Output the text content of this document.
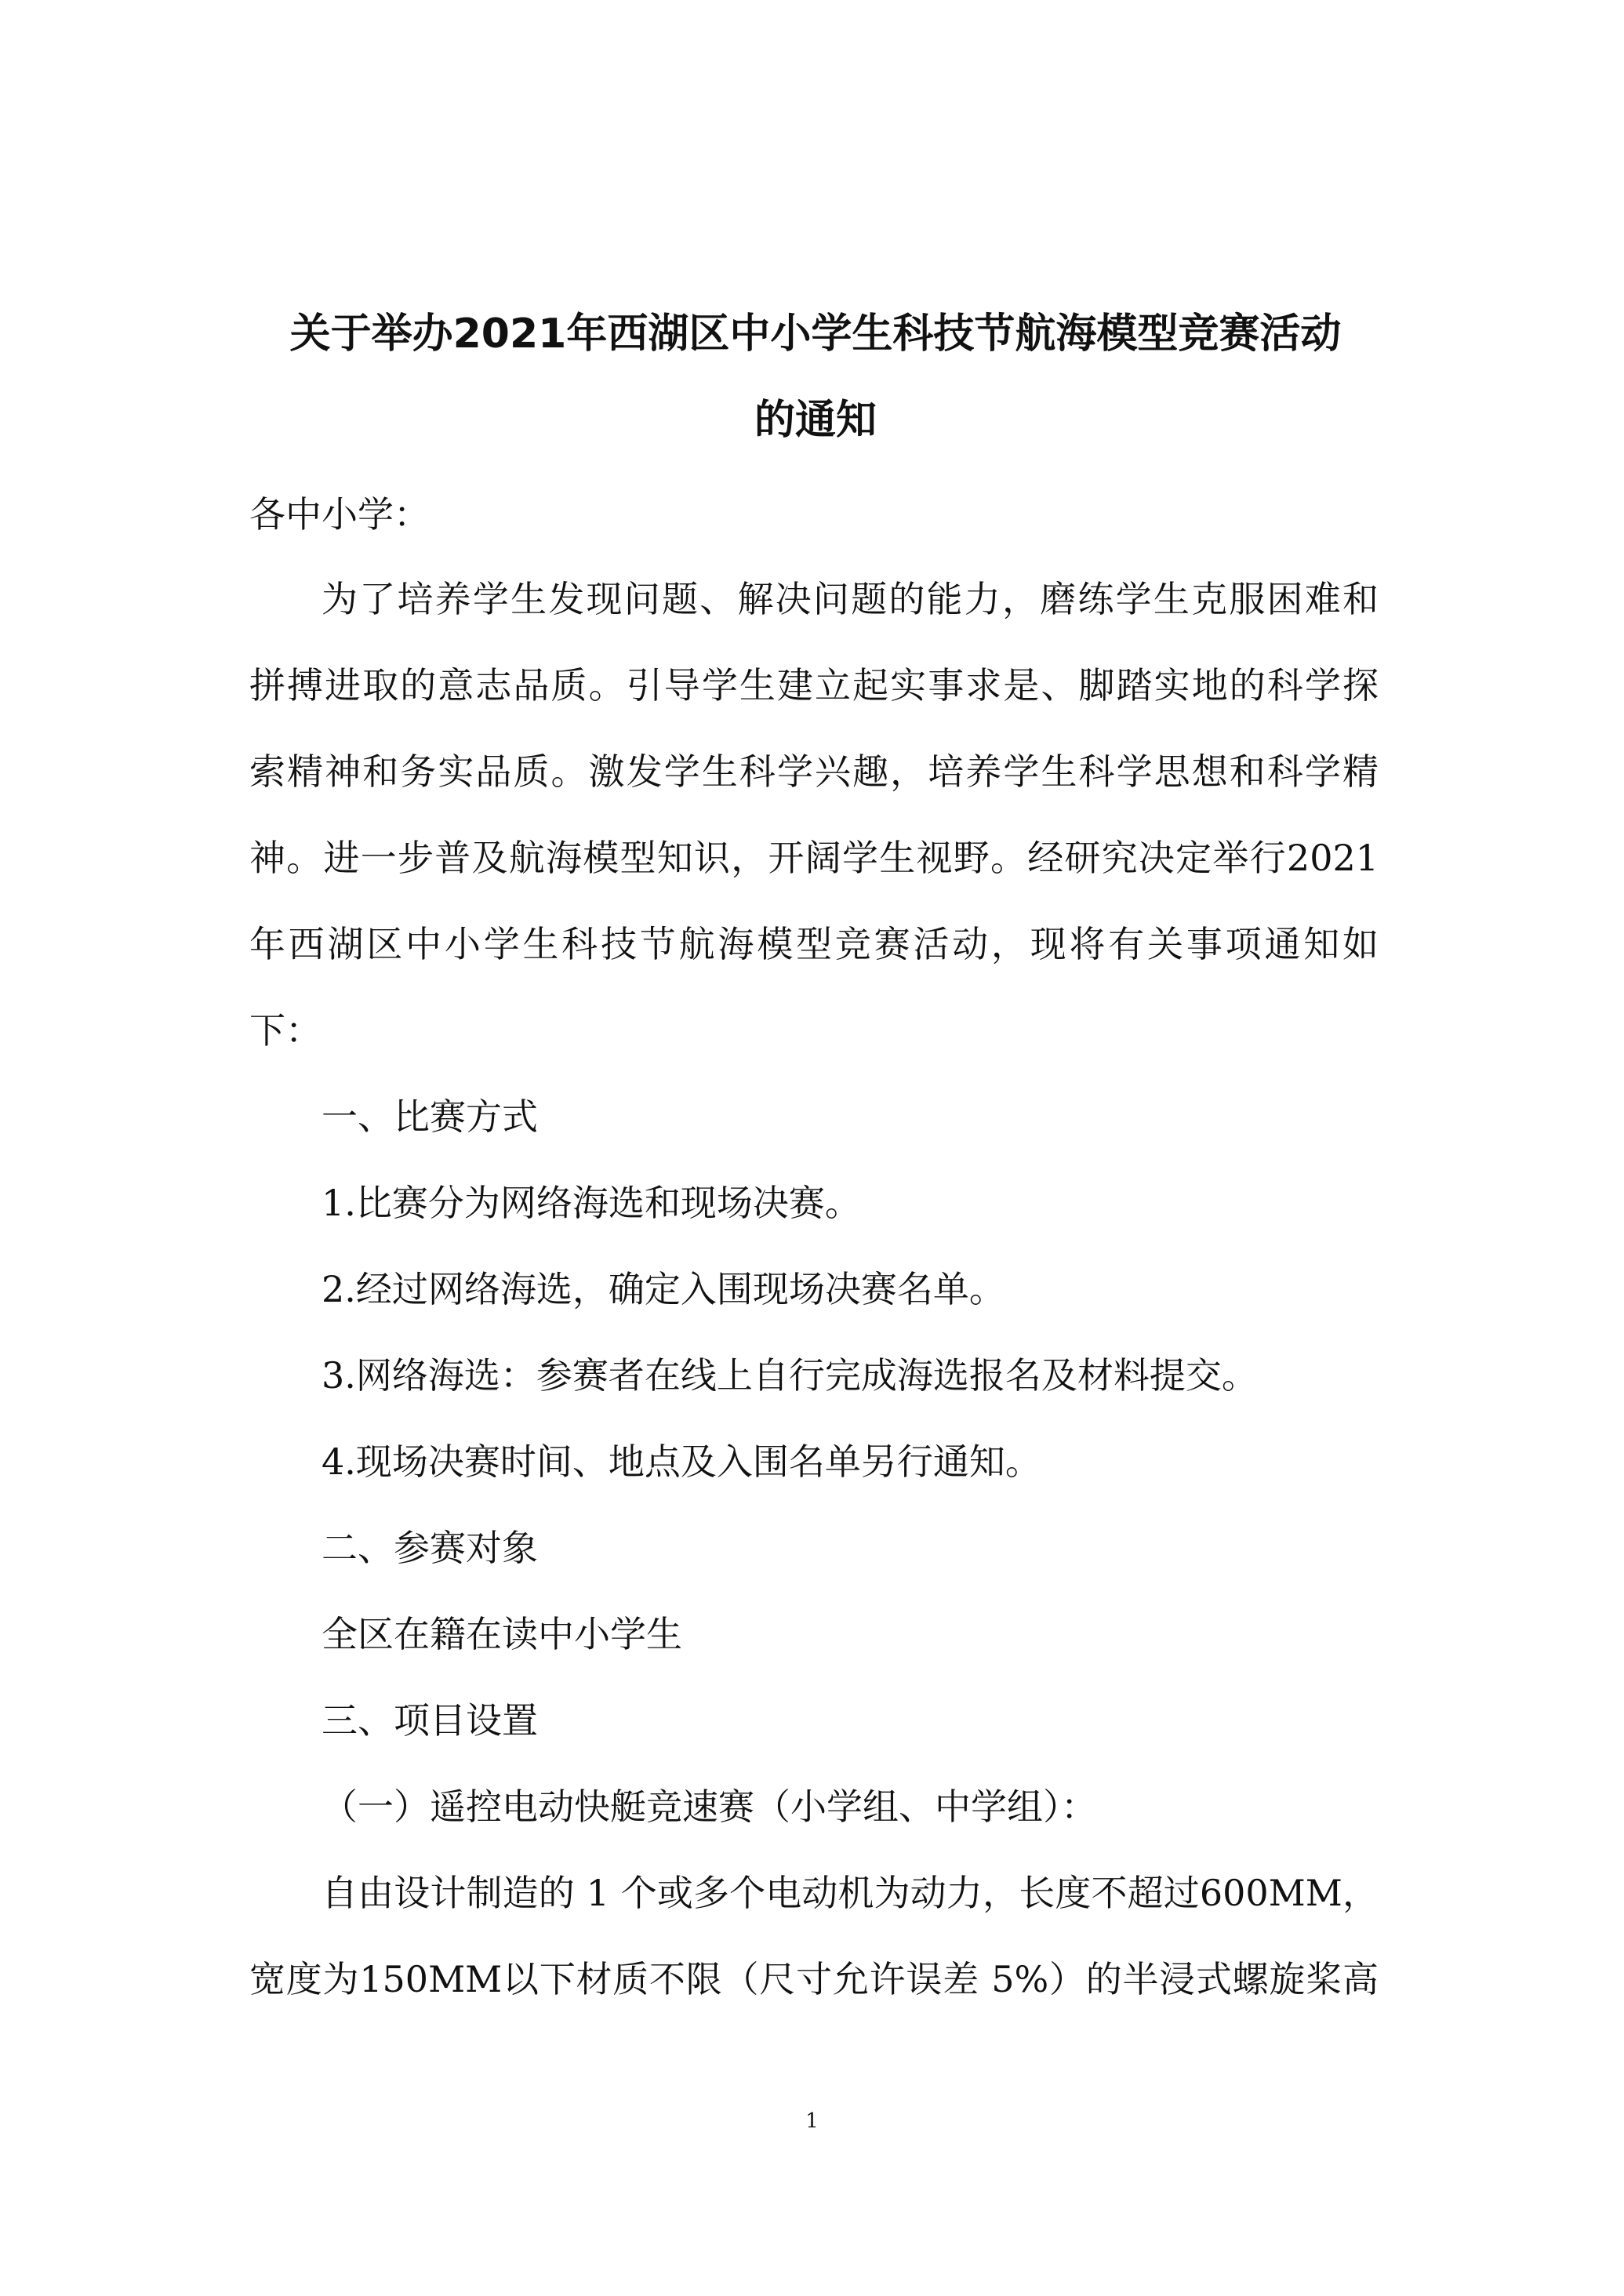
关于举办2021年西湖区中小学生科技节航海模型竞赛活动
的通知
各中小学：
为了培养学生发现问题、解决问题的能力，磨练学生克服困难和
拼搏进取的意志品质。引导学生建立起实事求是、脚踏实地的科学探
索精神和务实品质。激发学生科学兴趣，培养学生科学思想和科学精
神。进一步普及航海模型知识，开阔学生视野。经研究决定举行2021
年西湖区中小学生科技节航海模型竞赛活动，现将有关事项通知如
下：
一、比赛方式
1.比赛分为网络海选和现场决赛。
2.经过网络海选，确定入围现场决赛名单。
3.网络海选：参赛者在线上自行完成海选报名及材料提交。
4.现场决赛时间、地点及入围名单另行通知。
二、参赛对象
全区在籍在读中小学生
三、项目设置
（一）遥控电动快艇竞速赛（小学组、中学组）：
自由设计制造的 1 个或多个电动机为动力，长度不超过600MM，
宽度为150MM以下材质不限（尺寸允许误差 5%）的半浸式螺旋桨高
1
